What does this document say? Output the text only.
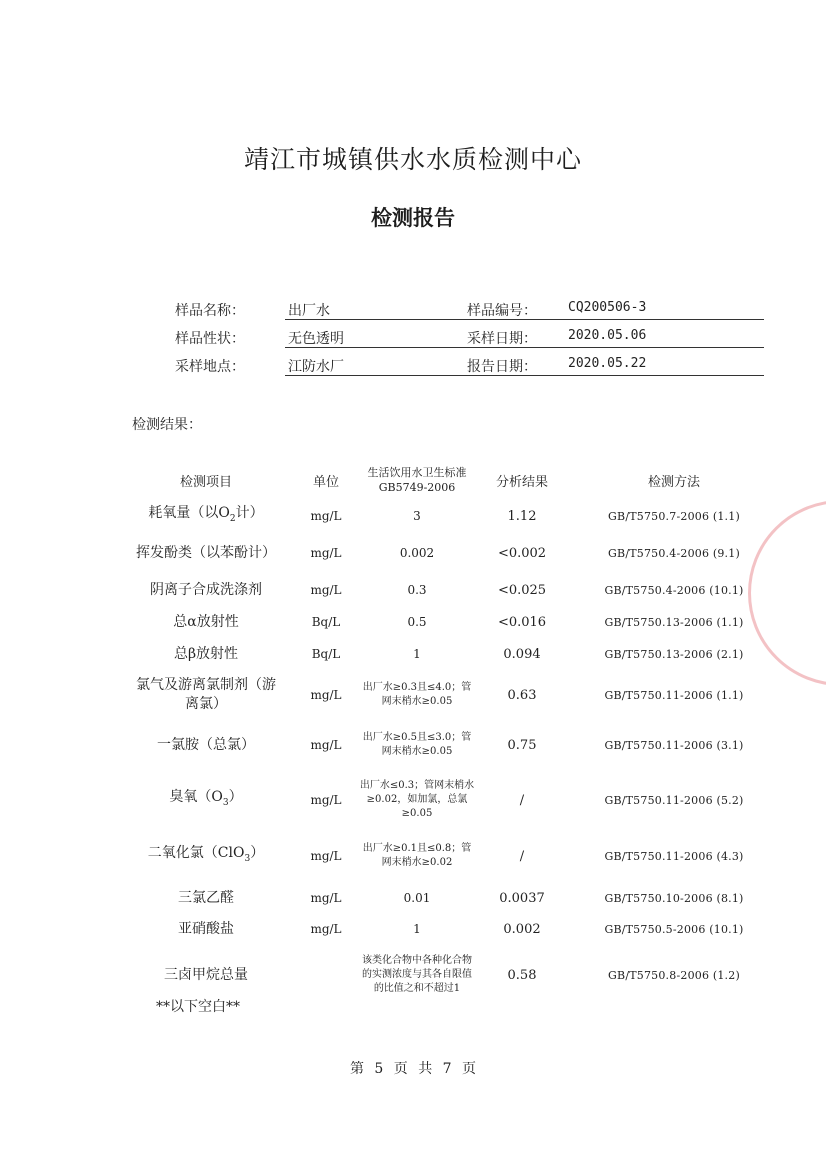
靖江市城镇供水水质检测中心
检测报告
样品名称：	出厂水	样品编号：	CQ200506-3
样品性状：	无色透明	采样日期：	2020.05.06
采样地点：	江防水厂	报告日期：	2020.05.22
检测结果：
检测项目	单位	生活饮用水卫生标准GB5749-2006	分析结果	检测方法
耗氧量（以$O_2$计）	mg/L	3	1.12	GB/T5750.7-2006 (1.1)
挥发酚类（以苯酚计）	mg/L	0.002	<0.002	GB/T5750.4-2006 (9.1)
阴离子合成洗涤剂	mg/L	0.3	<0.025	GB/T5750.4-2006 (10.1)
总α放射性	Bq/L	0.5	<0.016	GB/T5750.13-2006 (1.1)
总β放射性	Bq/L	1	0.094	GB/T5750.13-2006 (2.1)
氯气及游离氯制剂（游离氯）	mg/L	出厂水≥0.3且≤4.0；管网末梢水≥0.05	0.63	GB/T5750.11-2006 (1.1)
一氯胺（总氯）	mg/L	出厂水≥0.5且≤3.0；管网末梢水≥0.05	0.75	GB/T5750.11-2006 (3.1)
臭氧$(O_3)$	mg/L	出厂水≤0.3；管网末梢水≥0.02，如加氯，总氯≥0.05	/	GB/T5750.11-2006 (5.2)
二氧化氯（ClO$_3$）	mg/L	出厂水≥0.1且≤0.8；管网末梢水≥0.02	/	GB/T5750.11-2006 (4.3)
三氯乙醛	mg/L	0.01	0.0037	GB/T5750.10-2006 (8.1)
亚硝酸盐	mg/L	1	0.002	GB/T5750.5-2006 (10.1)
三卤甲烷总量		该类化合物中各种化合物的实测浓度与其各自限值的比值之和不超过1	0.58	GB/T5750.8-2006 (1.2)
**以下空白**
第 5 页 共 7 页
